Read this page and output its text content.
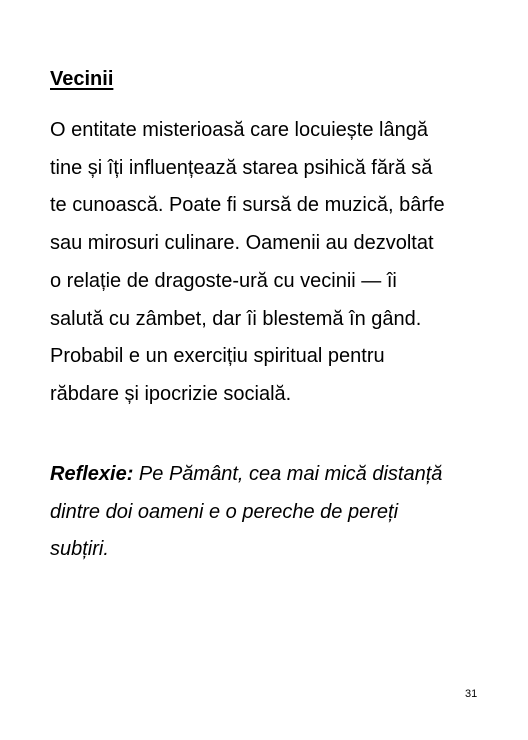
Vecinii
O entitate misterioasă care locuiește lângă
tine și îți influențează starea psihică fără să
te cunoască. Poate fi sursă de muzică, bârfe
sau mirosuri culinare. Oamenii au dezvoltat
o relație de dragoste-ură cu vecinii — îi
salută cu zâmbet, dar îi blestemă în gând.
Probabil e un exercițiu spiritual pentru
răbdare și ipocrizie socială.
Reflexie: Pe Pământ, cea mai mică distanță
dintre doi oameni e o pereche de pereți
subțiri.
31
